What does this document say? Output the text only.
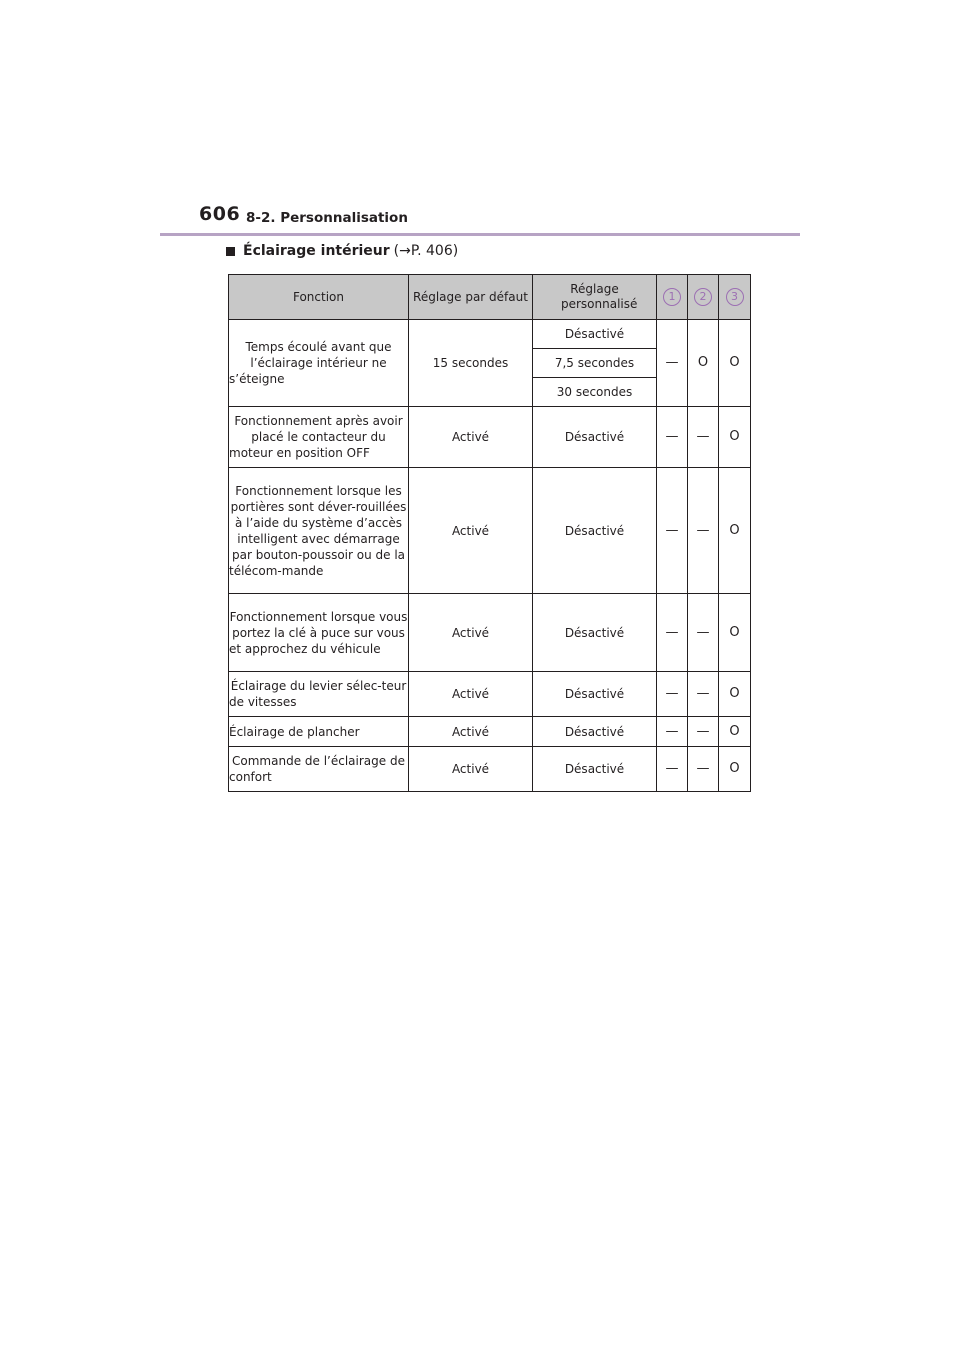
606 8-2. Personnalisation
Éclairage intérieur (→P. 406)
Fonction	Réglage par défaut	Réglage personnalisé	1	2	3
Temps écoulé avant que l’éclairage intérieur ne s’éteigne	15 secondes	Désactivé	—	O	O
		7,5 secondes			
		30 secondes			
Fonctionnement après avoir placé le contacteur du moteur en position OFF	Activé	Désactivé	—	—	O
Fonctionnement lorsque les portières sont déver-rouillées à l’aide du système d’accès intelligent avec démarrage par bouton-poussoir ou de la télécom-mande	Activé	Désactivé	—	—	O
Fonctionnement lorsque vous portez la clé à puce sur vous et approchez du véhicule	Activé	Désactivé	—	—	O
Éclairage du levier sélec-teur de vitesses	Activé	Désactivé	—	—	O
Éclairage de plancher	Activé	Désactivé	—	—	O
Commande de l’éclairage de confort	Activé	Désactivé	—	—	O
